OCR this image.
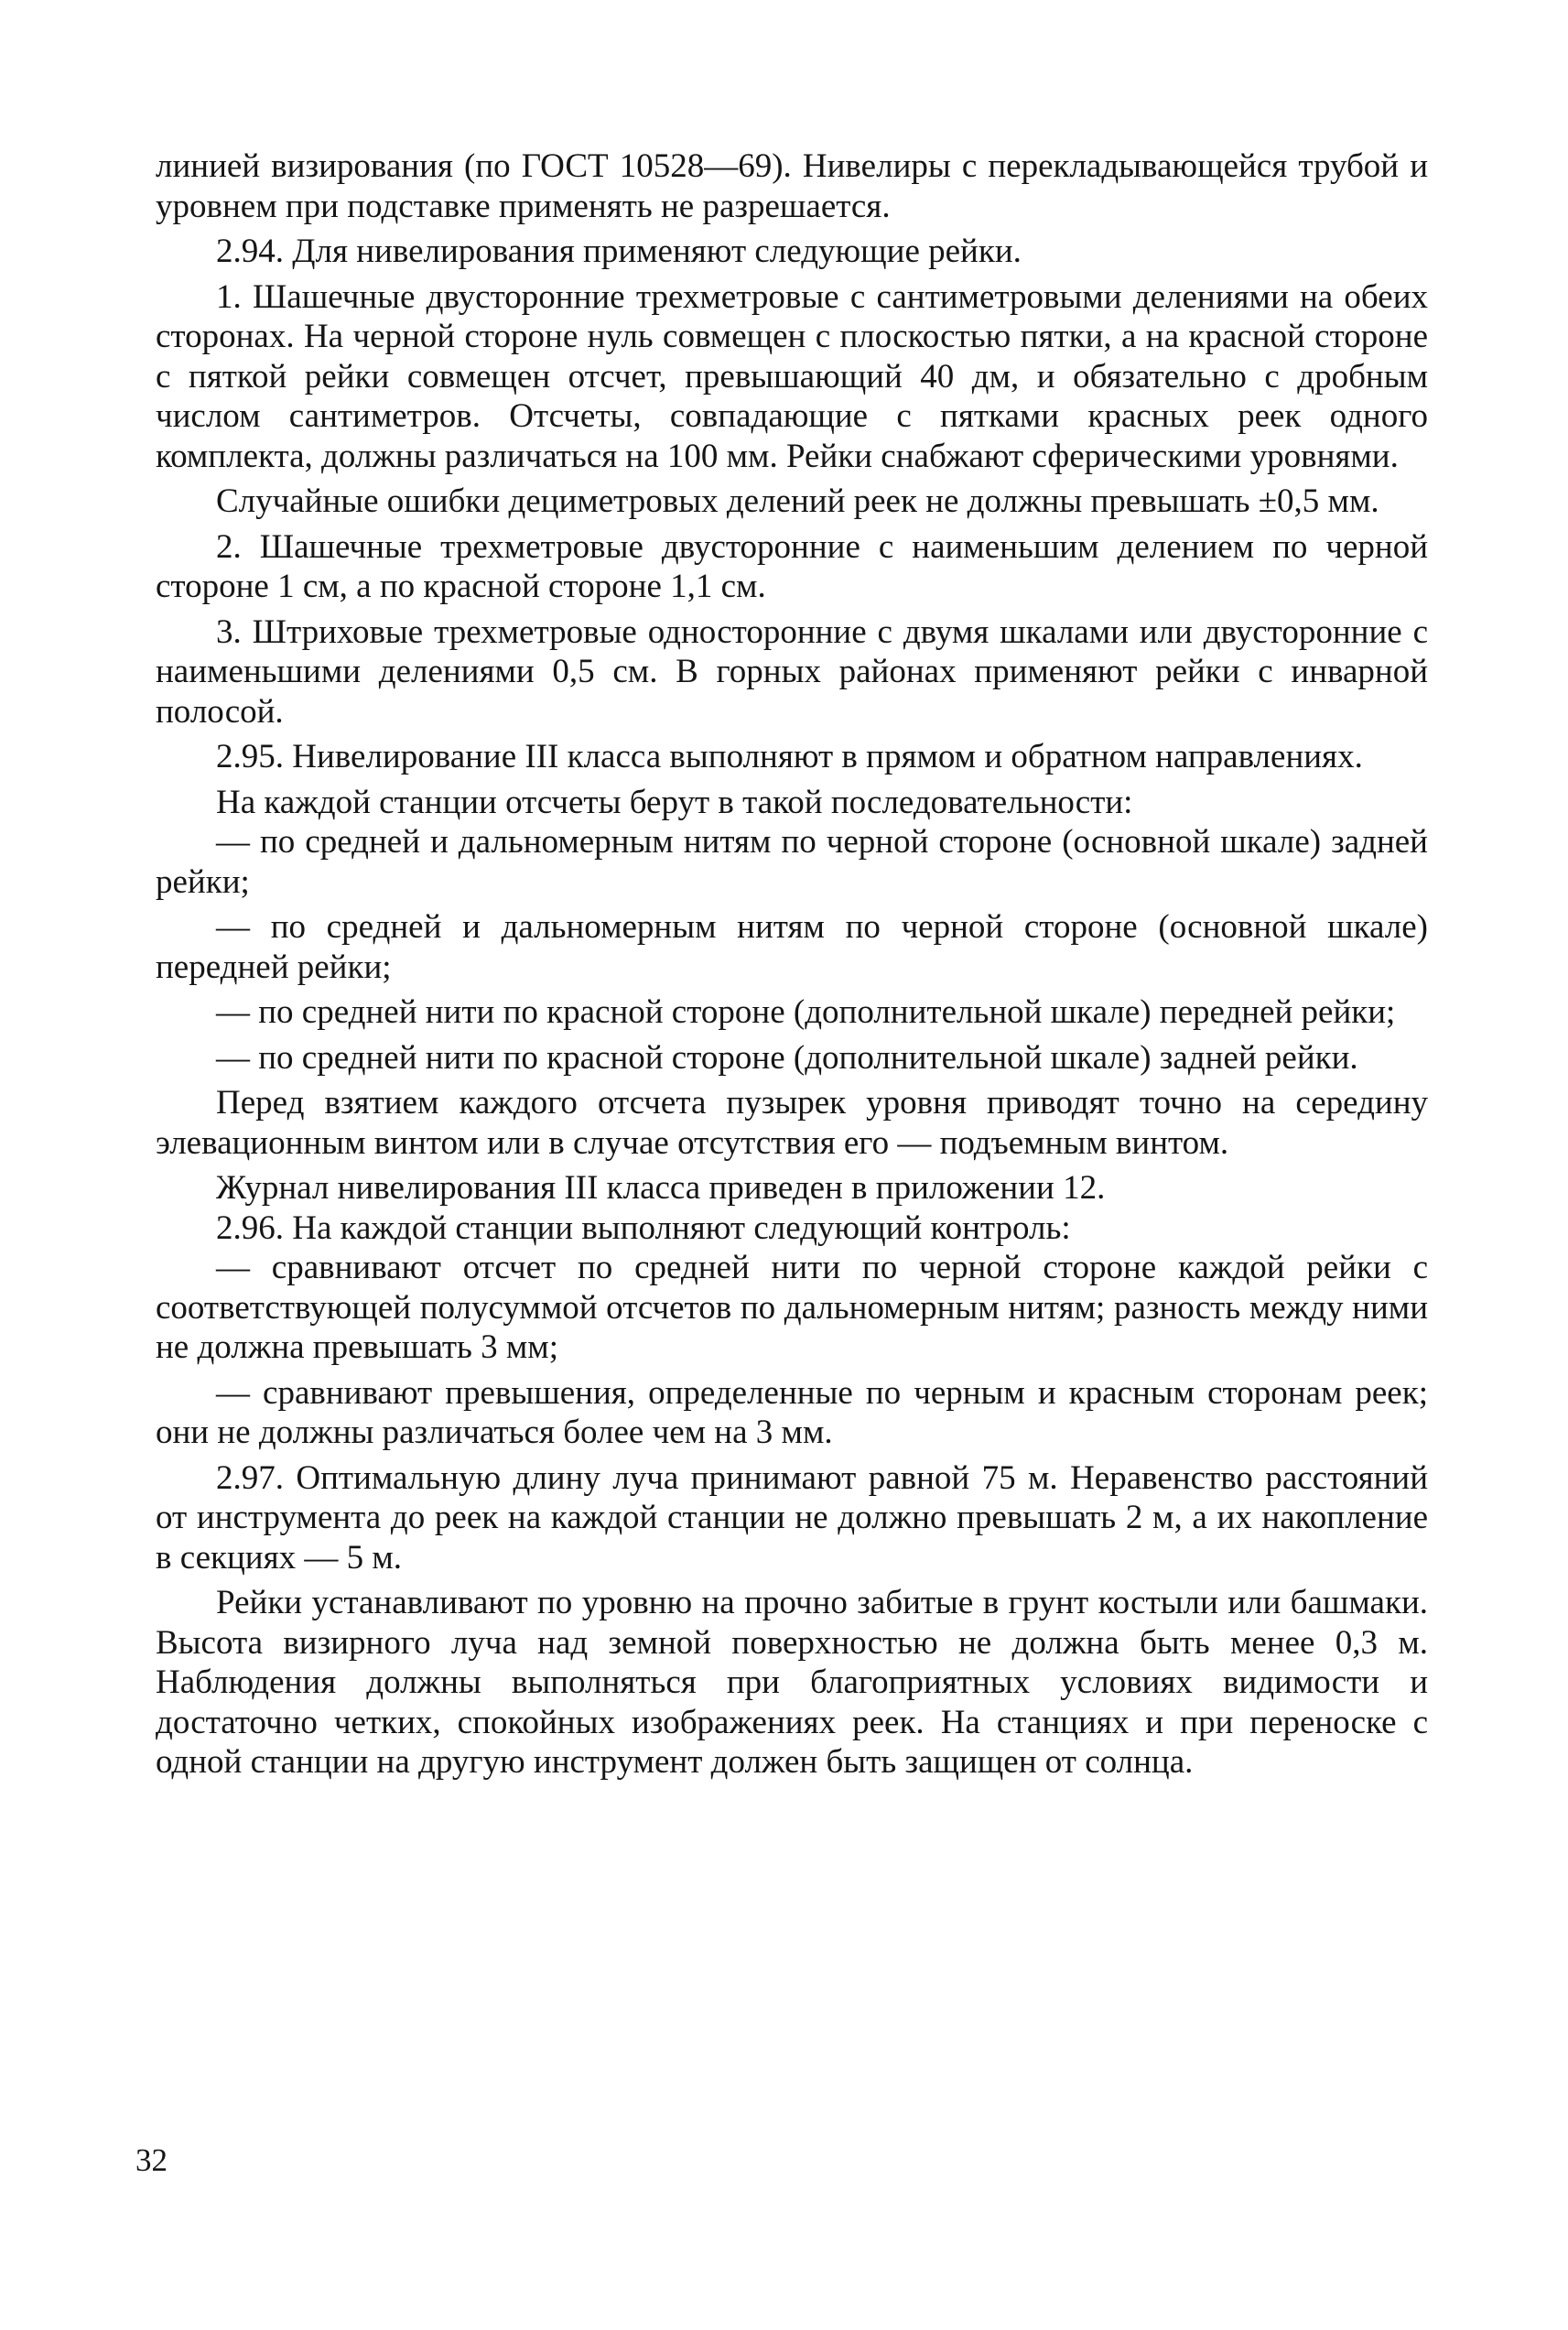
линией визирования (по ГОСТ 10528—69). Нивелиры с перекладывающейся трубой и уровнем при подставке применять не разрешается.

2.94. Для нивелирования применяют следующие рейки.

1. Шашечные двусторонние трехметровые с сантиметровыми делениями на обеих сторонах. На черной стороне нуль совмещен с плоскостью пятки, а на красной стороне с пяткой рейки совмещен отсчет, превышающий 40 дм, и обязательно с дробным числом сантиметров. Отсчеты, совпадающие с пятками красных реек одного комплекта, должны различаться на 100 мм. Рейки снабжают сферическими уровнями.

Случайные ошибки дециметровых делений реек не должны превышать ±0,5 мм.

2. Шашечные трехметровые двусторонние с наименьшим делением по черной стороне 1 см, а по красной стороне 1,1 см.

3. Штриховые трехметровые односторонние с двумя шкалами или двусторонние с наименьшими делениями 0,5 см. В горных районах применяют рейки с инварной полосой.

2.95. Нивелирование III класса выполняют в прямом и обратном направлениях.

На каждой станции отсчеты берут в такой последовательности:

— по средней и дальномерным нитям по черной стороне (основной шкале) задней рейки;

— по средней и дальномерным нитям по черной стороне (основной шкале) передней рейки;

— по средней нити по красной стороне (дополнительной шкале) передней рейки;

— по средней нити по красной стороне (дополнительной шкале) задней рейки.

Перед взятием каждого отсчета пузырек уровня приводят точно на середину элевационным винтом или в случае отсутствия его — подъемным винтом.

Журнал нивелирования III класса приведен в приложении 12.

2.96. На каждой станции выполняют следующий контроль:

— сравнивают отсчет по средней нити по черной стороне каждой рейки с соответствующей полусуммой отсчетов по дальномерным нитям; разность между ними не должна превышать 3 мм;

— сравнивают превышения, определенные по черным и красным сторонам реек; они не должны различаться более чем на 3 мм.

2.97. Оптимальную длину луча принимают равной 75 м. Неравенство расстояний от инструмента до реек на каждой станции не должно превышать 2 м, а их накопление в секциях — 5 м.

Рейки устанавливают по уровню на прочно забитые в грунт костыли или башмаки. Высота визирного луча над земной поверхностью не должна быть менее 0,3 м. Наблюдения должны выполняться при благоприятных условиях видимости и достаточно четких, спокойных изображениях реек. На станциях и при переноске с одной станции на другую инструмент должен быть защищен от солнца.

32
